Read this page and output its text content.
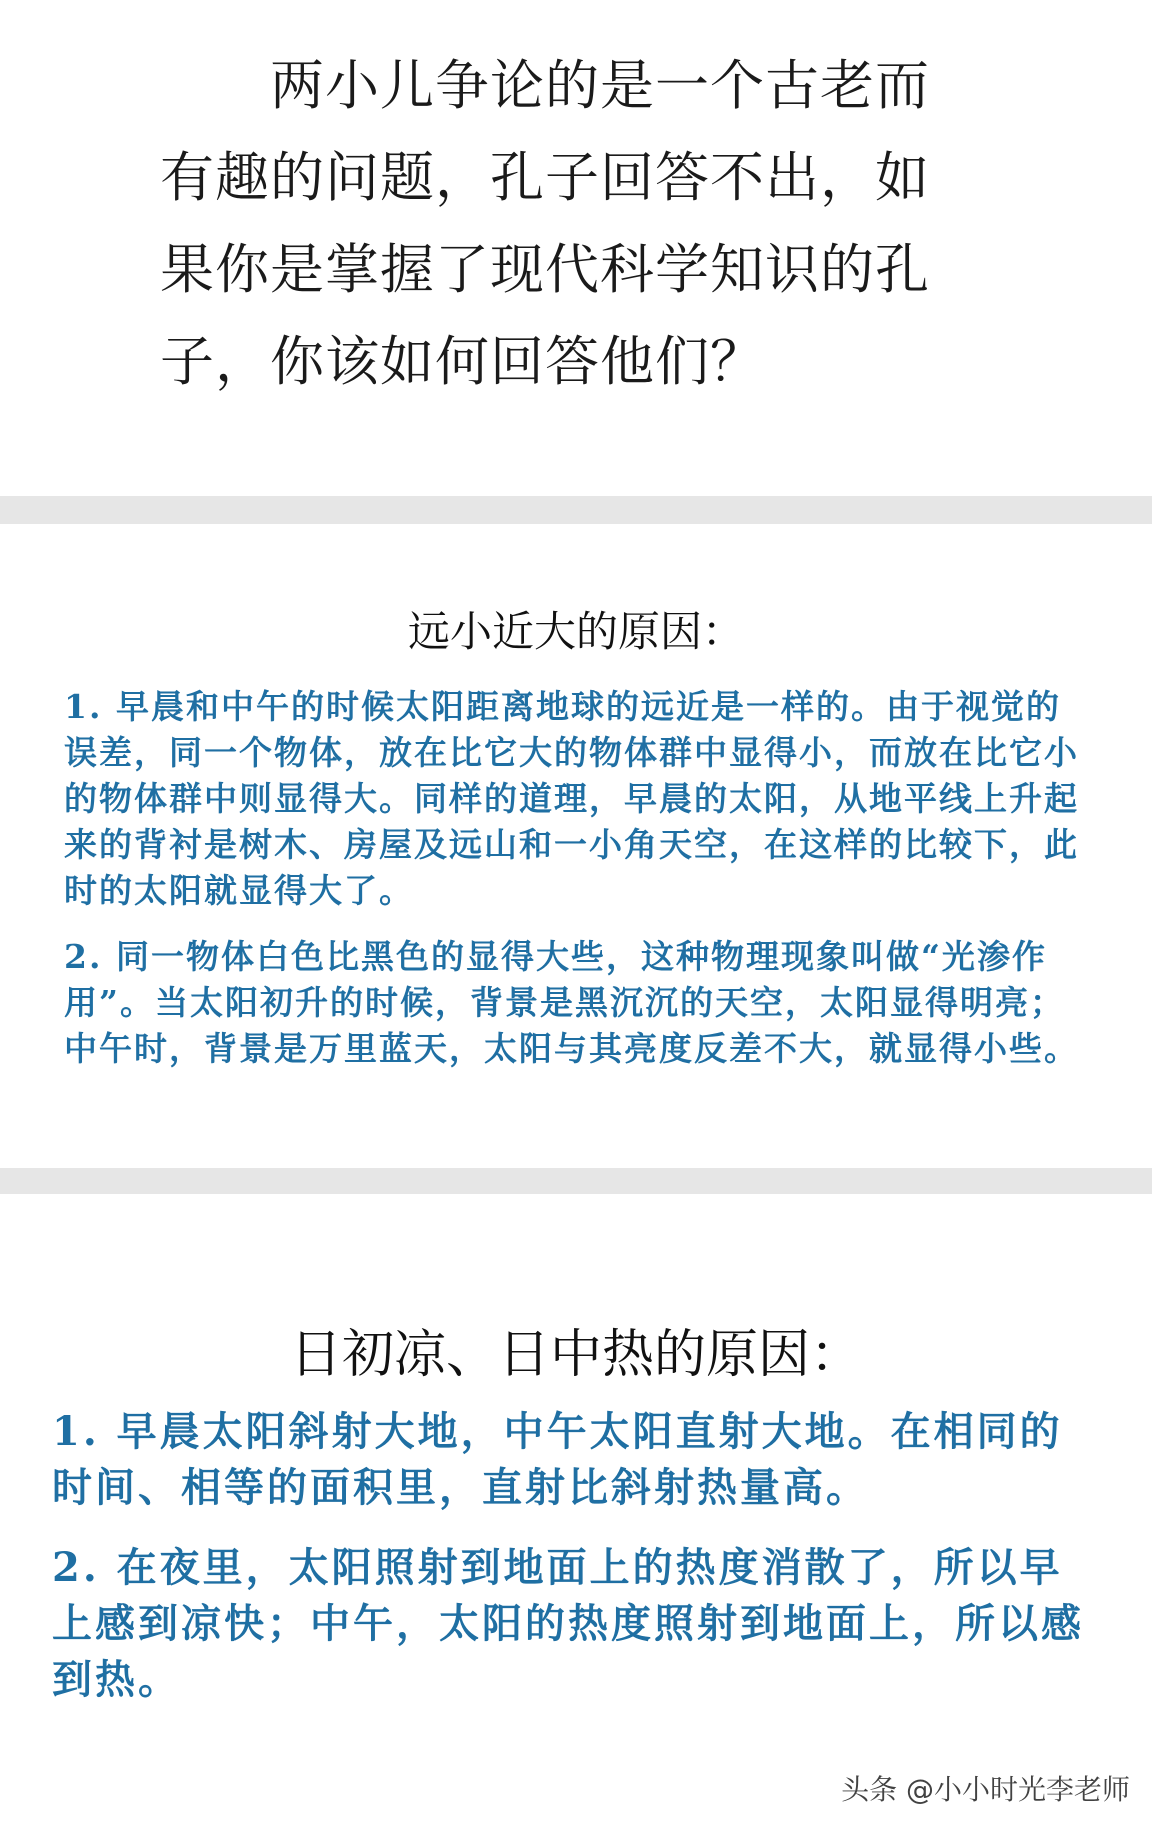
两小儿争论的是一个古老而有趣的问题，孔子回答不出，如果你是掌握了现代科学知识的孔子，你该如何回答他们？

远小近大的原因：

1. 早晨和中午的时候太阳距离地球的远近是一样的。由于视觉的误差，同一个物体，放在比它大的物体群中显得小，而放在比它小的物体群中则显得大。同样的道理，早晨的太阳，从地平线上升起来的背衬是树木、房屋及远山和一小角天空，在这样的比较下，此时的太阳就显得大了。

2. 同一物体白色比黑色的显得大些，这种物理现象叫做“光渗作用”。当太阳初升的时候，背景是黑沉沉的天空，太阳显得明亮；中午时，背景是万里蓝天，太阳与其亮度反差不大，就显得小些。

日初凉、日中热的原因：

1. 早晨太阳斜射大地，中午太阳直射大地。在相同的时间、相等的面积里，直射比斜射热量高。

2. 在夜里，太阳照射到地面上的热度消散了，所以早上感到凉快；中午，太阳的热度照射到地面上，所以感到热。

头条 @小小时光李老师
